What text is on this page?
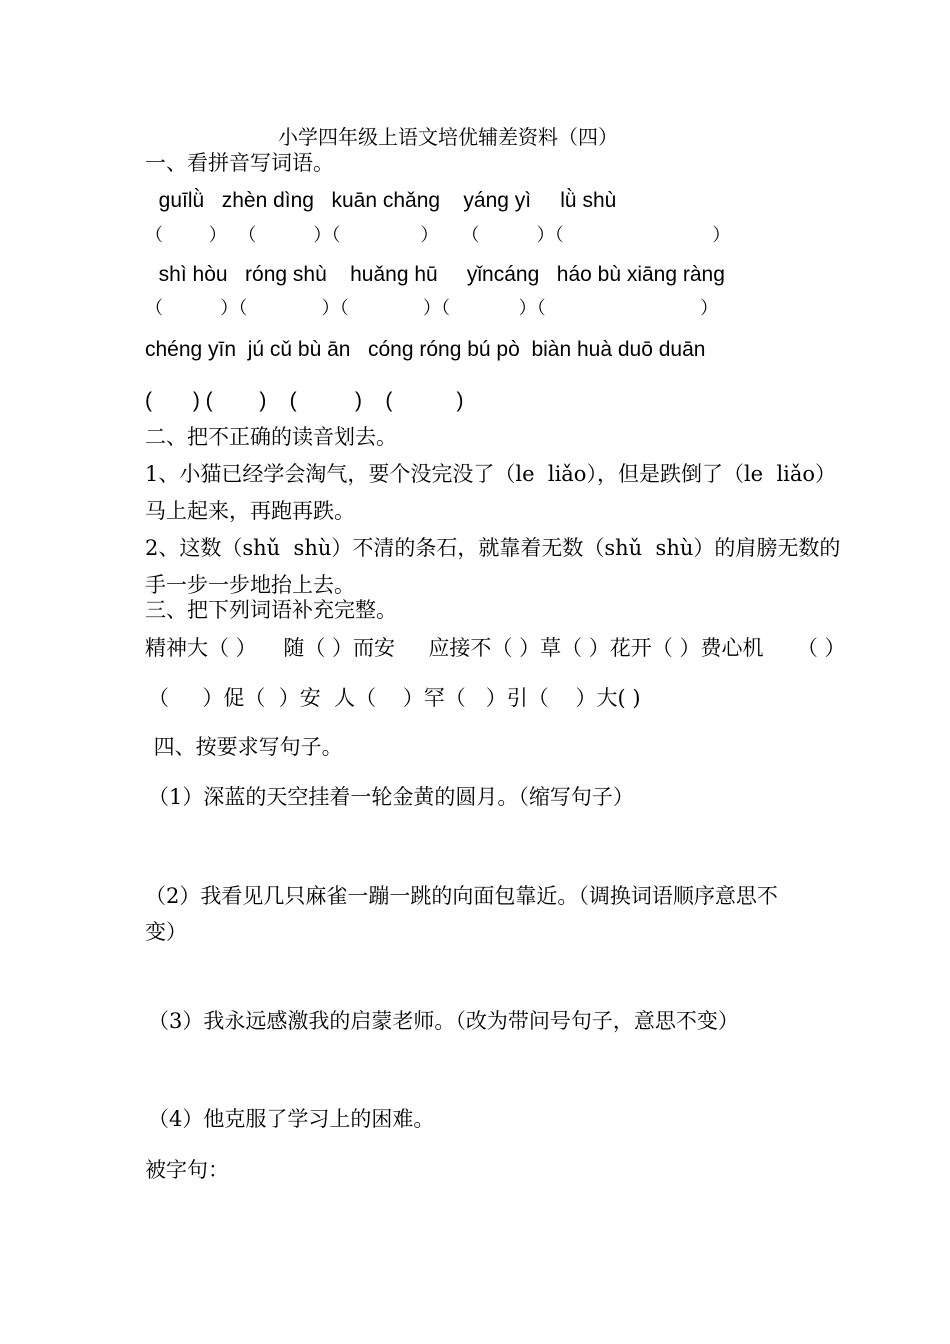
小学四年级上语文培优辅差资料（四）
一、看拼音写词语。
guīlǜ   zhèn dìng   kuān chǎng    yáng yì     lǜ shù
（        ）  （          ）（              ）    （          ）（                          ）
shì hòu   róng shù    huǎng hū     yǐncáng   háo bù xiāng ràng
（          ）（             ）（             ）（            ）（                           ）
chéng yīn  jú cǔ bù ān   cóng róng bú pò  biàn huà duō duān
(       ) (        )    (          )    (           )
二、把不正确的读音划去。
1、小猫已经学会淘气，要个没完没了（le  liǎo），但是跌倒了（le  liǎo）
马上起来，再跑再跌。
2、这数（shǔ  shù）不清的条石，就靠着无数（shǔ  shù）的肩膀无数的
手一步一步地抬上去。
三、把下列词语补充完整。
精神大（ ）    随（ ）而安     应接不（ ）草（ ）花开（ ）费心机     （ ）
（     ）促（  ）安  人（    ）罕（   ）引（    ）大( )
四、按要求写句子。
（1）深蓝的天空挂着一轮金黄的圆月。（缩写句子）
（2）我看见几只麻雀一蹦一跳的向面包靠近。（调换词语顺序意思不
变）
（3）我永远感激我的启蒙老师。（改为带问号句子，意思不变）
（4）他克服了学习上的困难。
被字句：
